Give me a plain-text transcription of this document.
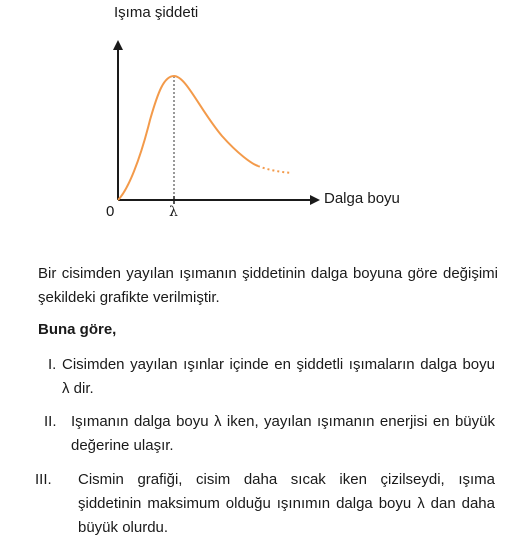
Işıma şiddeti
Dalga boyu
0	λ

Bir cisimden yayılan ışımanın şiddetinin dalga boyuna göre değişimi şekildeki grafikte verilmiştir.

Buna göre,
I. Cisimden yayılan ışınlar içinde en şiddetli ışımaların dalga boyu λ dir.
II. Işımanın dalga boyu λ iken, yayılan ışımanın enerjisi en büyük değerine ulaşır.
III.	Cismin grafiği, cisim daha sıcak iken çizilseydi, ışıma şiddetinin maksimum olduğu ışınımın dalga boyu λ dan daha büyük olurdu.
